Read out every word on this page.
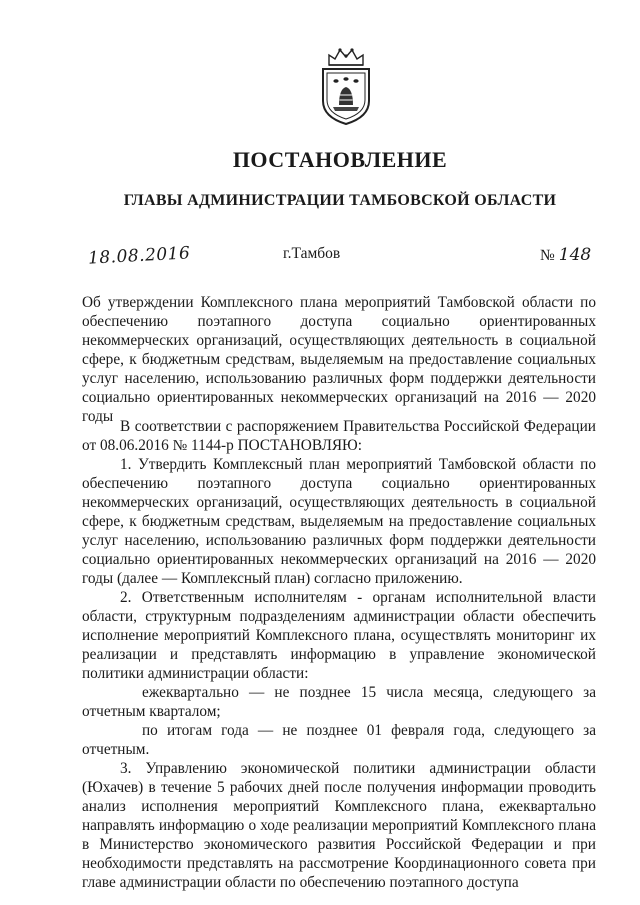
ПОСТАНОВЛЕНИЕ
ГЛАВЫ АДМИНИСТРАЦИИ ТАМБОВСКОЙ ОБЛАСТИ
18.08.2016	г.Тамбов	№ 148

Об утверждении Комплексного плана мероприятий Тамбовской области по обеспечению поэтапного доступа социально ориентированных некоммерческих организаций, осуществляющих деятельность в социальной сфере, к бюджетным средствам, выделяемым на предоставление социальных услуг населению, использованию различных форм поддержки деятельности социально ориентированных некоммерческих организаций на 2016 — 2020 годы

В соответствии с распоряжением Правительства Российской Федерации от 08.06.2016 № 1144-р ПОСТАНОВЛЯЮ:

1. Утвердить Комплексный план мероприятий Тамбовской области по обеспечению поэтапного доступа социально ориентированных некоммерческих организаций, осуществляющих деятельность в социальной сфере, к бюджетным средствам, выделяемым на предоставление социальных услуг населению, использованию различных форм поддержки деятельности социально ориентированных некоммерческих организаций на 2016 — 2020 годы (далее — Комплексный план) согласно приложению.

2. Ответственным исполнителям - органам исполнительной власти области, структурным подразделениям администрации области обеспечить исполнение мероприятий Комплексного плана, осуществлять мониторинг их реализации и представлять информацию в управление экономической политики администрации области:

ежеквартально — не позднее 15 числа месяца, следующего за отчетным кварталом;

по итогам года — не позднее 01 февраля года, следующего за отчетным.

3. Управлению экономической политики администрации области (Юхачев) в течение 5 рабочих дней после получения информации проводить анализ исполнения мероприятий Комплексного плана, ежеквартально направлять информацию о ходе реализации мероприятий Комплексного плана в Министерство экономического развития Российской Федерации и при необходимости представлять на рассмотрение Координационного совета при главе администрации области по обеспечению поэтапного доступа
